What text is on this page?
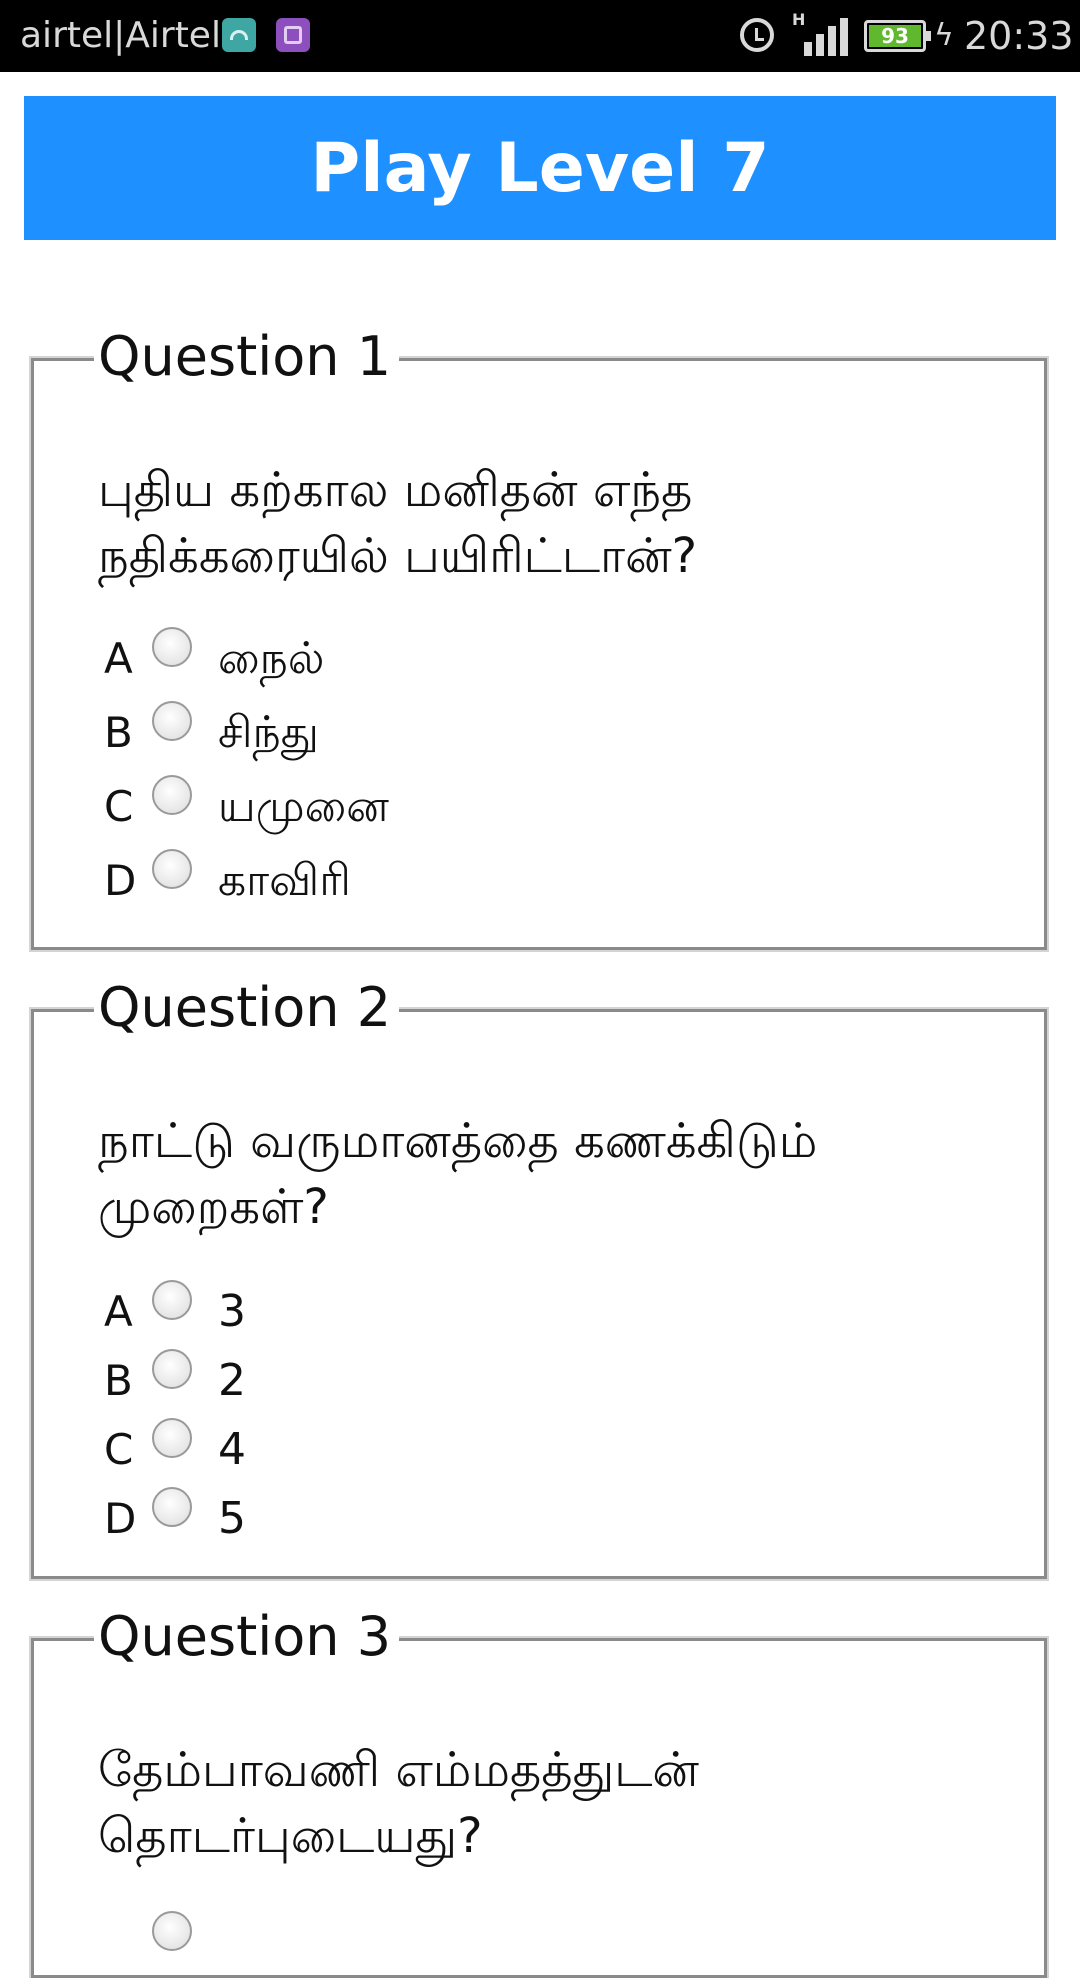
airtel|Airtel	H
93 ϟ 20:33
Play Level 7
Question 1
புதிய கற்கால மனிதன் எந்த நதிக்கரையில் பயிரிட்டான்?
A நைல்
B சிந்து
C யமுனை
D காவிரி
Question 2
நாட்டு வருமானத்தை கணக்கிடும் முறைகள்?
A 3
B 2
C 4
D 5
Question 3
தேம்பாவணி எம்மதத்துடன் தொடர்புடையது?
